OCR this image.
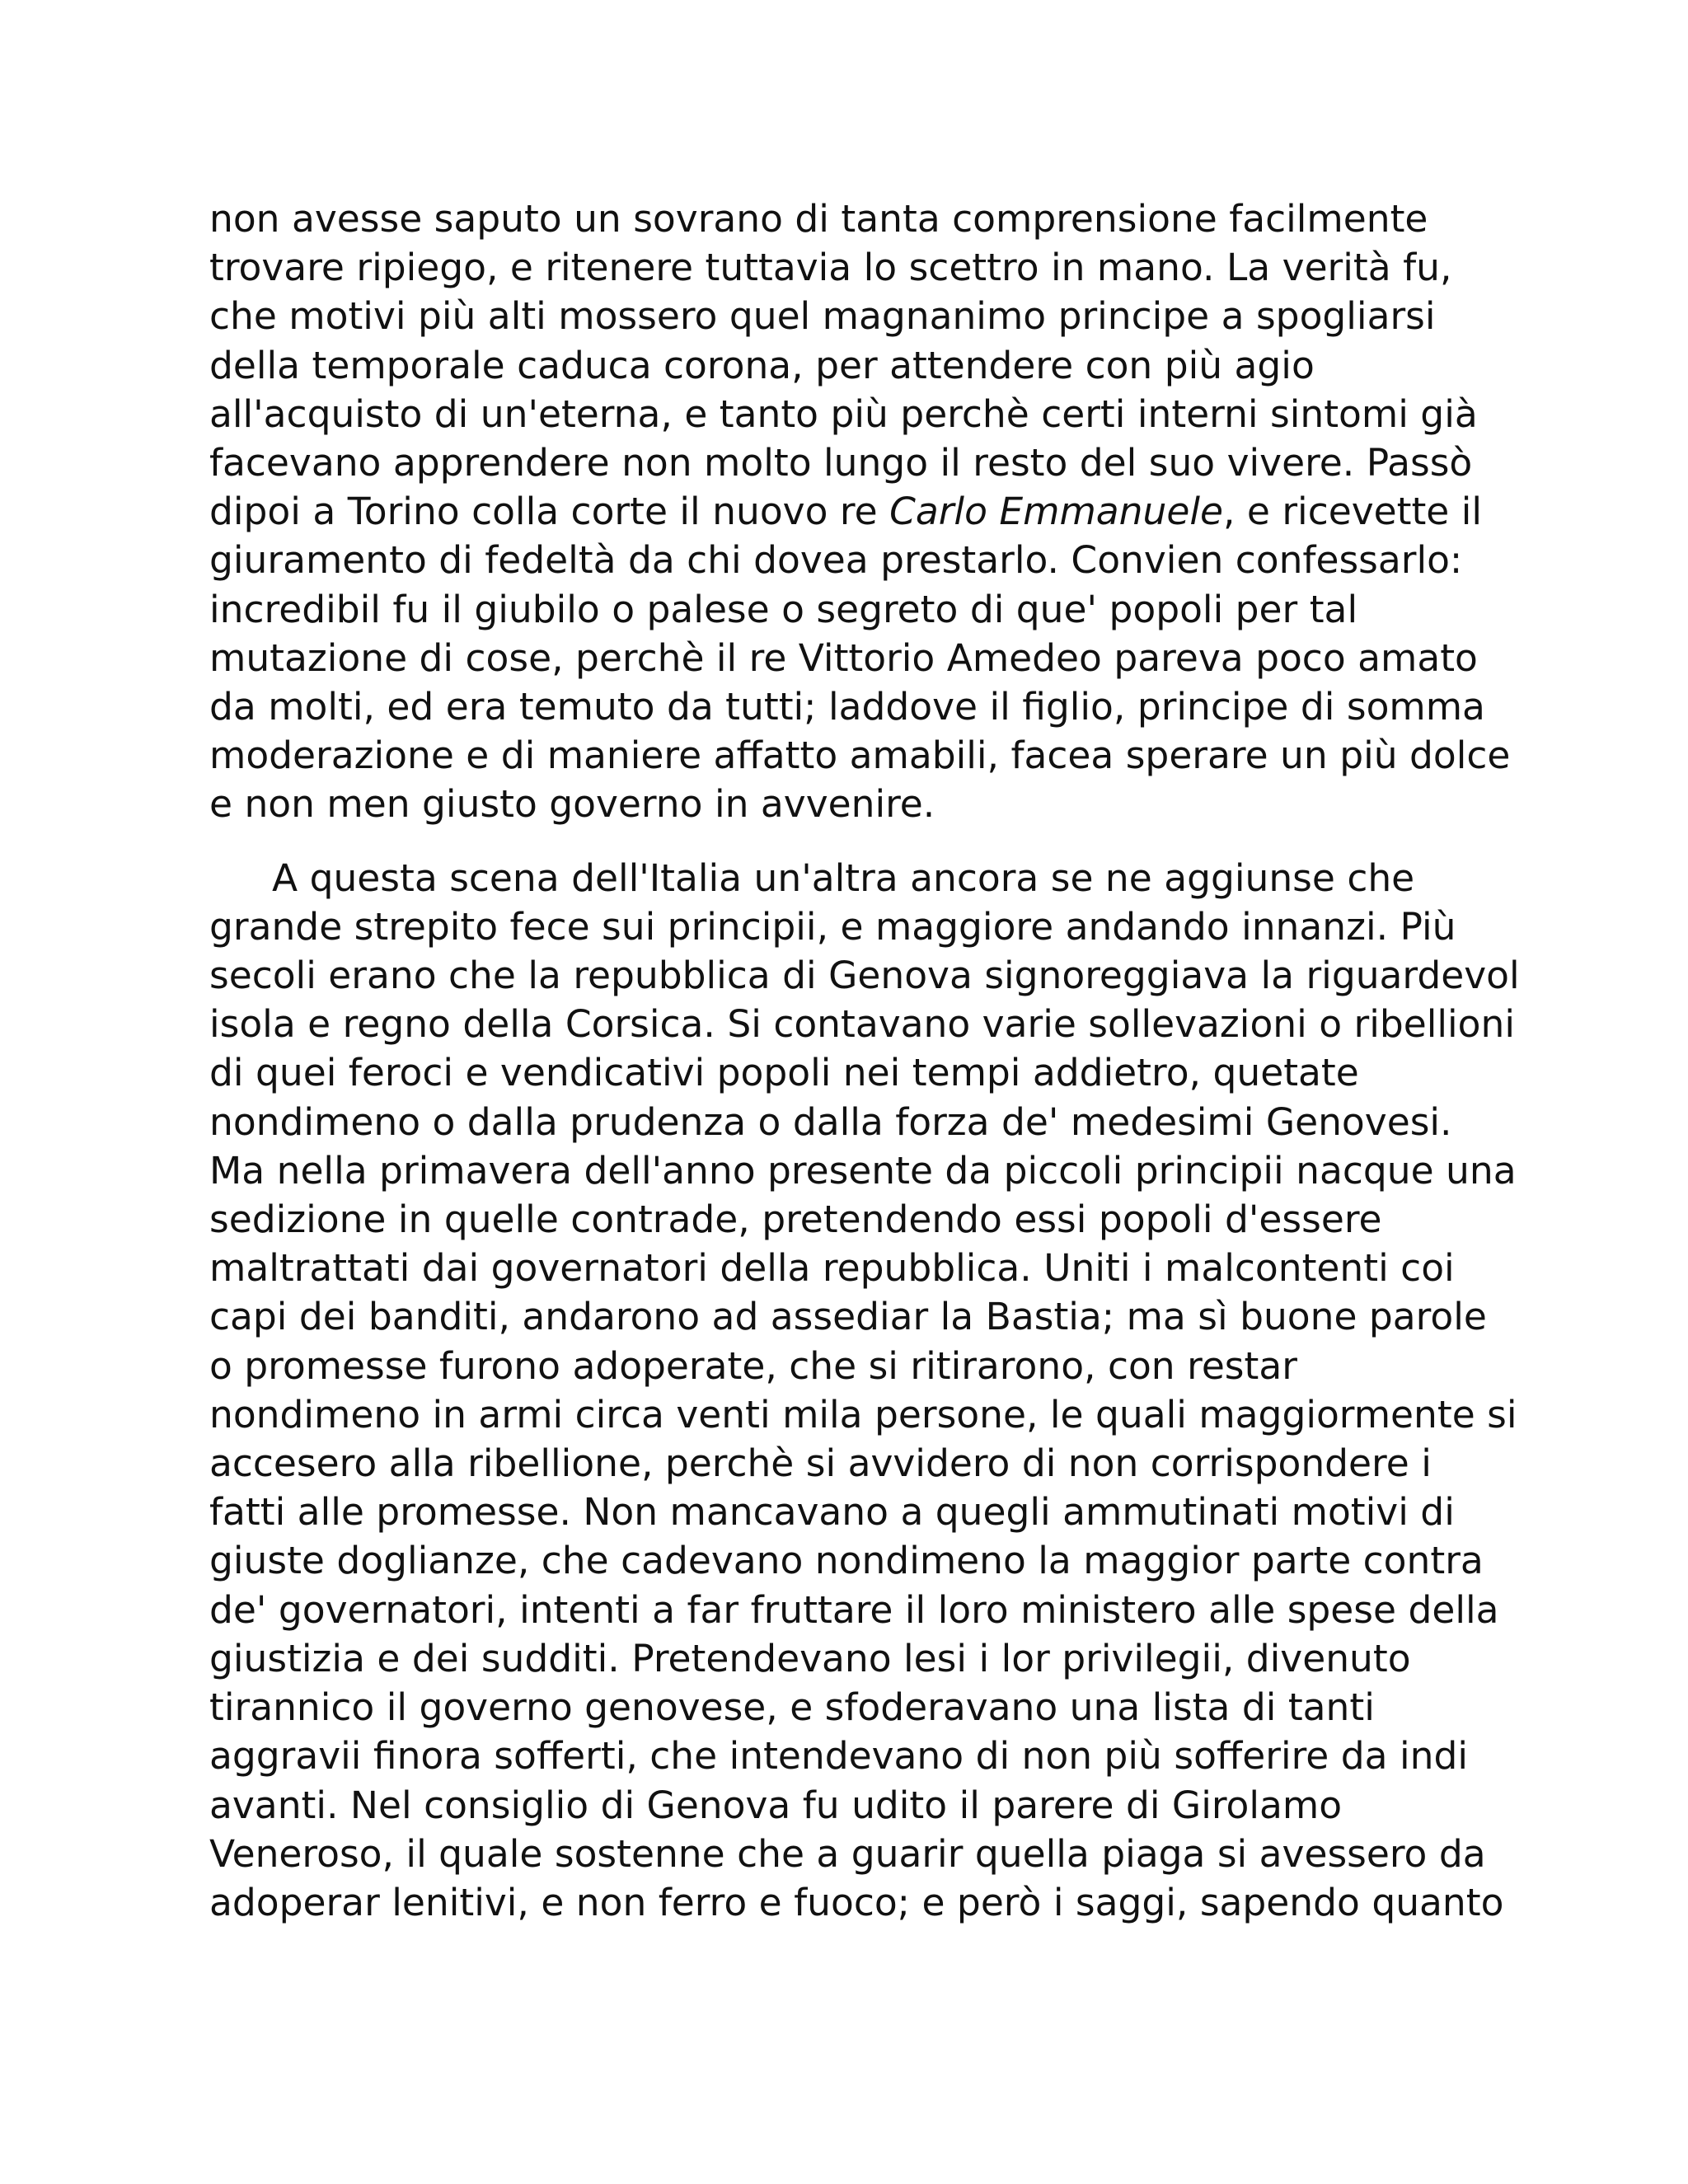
non avesse saputo un sovrano di tanta comprensione facilmente
trovare ripiego, e ritenere tuttavia lo scettro in mano. La verità fu,
che motivi più alti mossero quel magnanimo principe a spogliarsi
della temporale caduca corona, per attendere con più agio
all'acquisto di un'eterna, e tanto più perchè certi interni sintomi già
facevano apprendere non molto lungo il resto del suo vivere. Passò
dipoi a Torino colla corte il nuovo re Carlo Emmanuele, e ricevette il
giuramento di fedeltà da chi dovea prestarlo. Convien confessarlo:
incredibil fu il giubilo o palese o segreto di que' popoli per tal
mutazione di cose, perchè il re Vittorio Amedeo pareva poco amato
da molti, ed era temuto da tutti; laddove il figlio, principe di somma
moderazione e di maniere affatto amabili, facea sperare un più dolce
e non men giusto governo in avvenire.
A questa scena dell'Italia un'altra ancora se ne aggiunse che
grande strepito fece sui principii, e maggiore andando innanzi. Più
secoli erano che la repubblica di Genova signoreggiava la riguardevol
isola e regno della Corsica. Si contavano varie sollevazioni o ribellioni
di quei feroci e vendicativi popoli nei tempi addietro, quetate
nondimeno o dalla prudenza o dalla forza de' medesimi Genovesi.
Ma nella primavera dell'anno presente da piccoli principii nacque una
sedizione in quelle contrade, pretendendo essi popoli d'essere
maltrattati dai governatori della repubblica. Uniti i malcontenti coi
capi dei banditi, andarono ad assediar la Bastia; ma sì buone parole
o promesse furono adoperate, che si ritirarono, con restar
nondimeno in armi circa venti mila persone, le quali maggiormente si
accesero alla ribellione, perchè si avvidero di non corrispondere i
fatti alle promesse. Non mancavano a quegli ammutinati motivi di
giuste doglianze, che cadevano nondimeno la maggior parte contra
de' governatori, intenti a far fruttare il loro ministero alle spese della
giustizia e dei sudditi. Pretendevano lesi i lor privilegii, divenuto
tirannico il governo genovese, e sfoderavano una lista di tanti
aggravii finora sofferti, che intendevano di non più sofferire da indi
avanti. Nel consiglio di Genova fu udito il parere di Girolamo
Veneroso, il quale sostenne che a guarir quella piaga si avessero da
adoperar lenitivi, e non ferro e fuoco; e però i saggi, sapendo quanto
